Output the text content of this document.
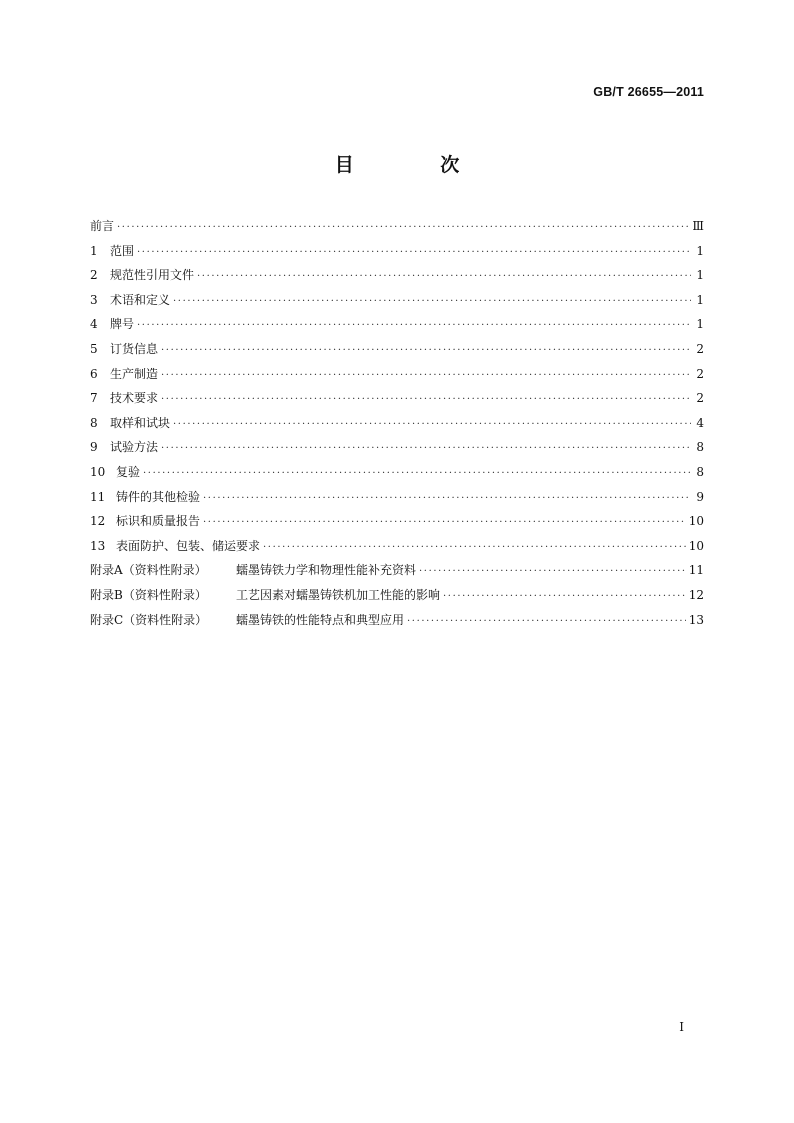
GB/T 26655—2011
目 次
前言 ·····	Ⅲ
1 范围 ·····	1
2 规范性引用文件 ·····	1
3 术语和定义 ·····	1
4 牌号 ·····	1
5 订货信息 ·····	2
6 生产制造 ·····	2
7 技术要求 ·····	2
8 取样和试块 ·····	4
9 试验方法 ·····	8
10 复验 ·····	8
11 铸件的其他检验 ·····	9
12 标识和质量报告 ·····	10
13 表面防护、包装、储运要求 ·····	10
附录A（资料性附录） 蠕墨铸铁力学和物理性能补充资料 ·····	11
附录B（资料性附录） 工艺因素对蠕墨铸铁机加工性能的影响 ·····	12
附录C（资料性附录） 蠕墨铸铁的性能特点和典型应用 ·····	13
I
